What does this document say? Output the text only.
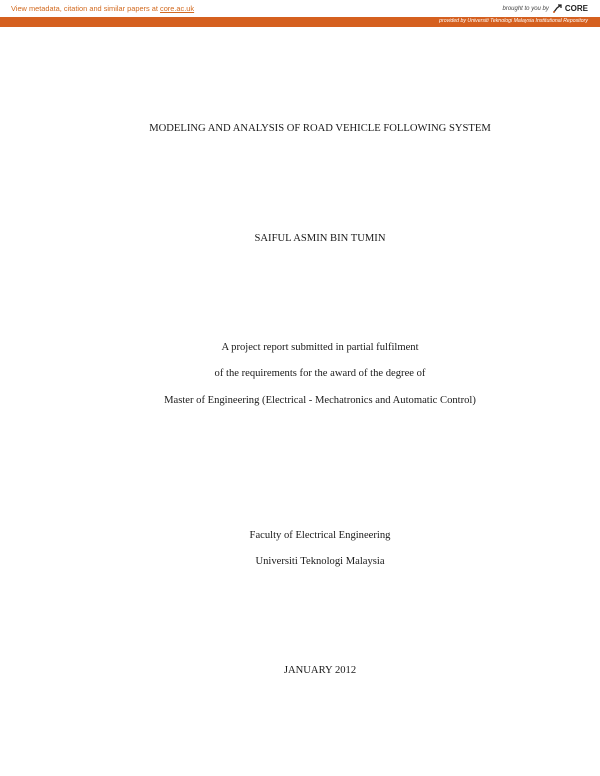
View metadata, citation and similar papers at core.ac.uk	brought to you by CORE
provided by Universiti Teknologi Malaysia Institutional Repository
MODELING AND ANALYSIS OF ROAD VEHICLE FOLLOWING SYSTEM
SAIFUL ASMIN BIN TUMIN
A project report submitted in partial fulfilment
of the requirements for the award of the degree of
Master of Engineering (Electrical - Mechatronics and Automatic Control)
Faculty of Electrical Engineering
Universiti Teknologi Malaysia
JANUARY 2012
